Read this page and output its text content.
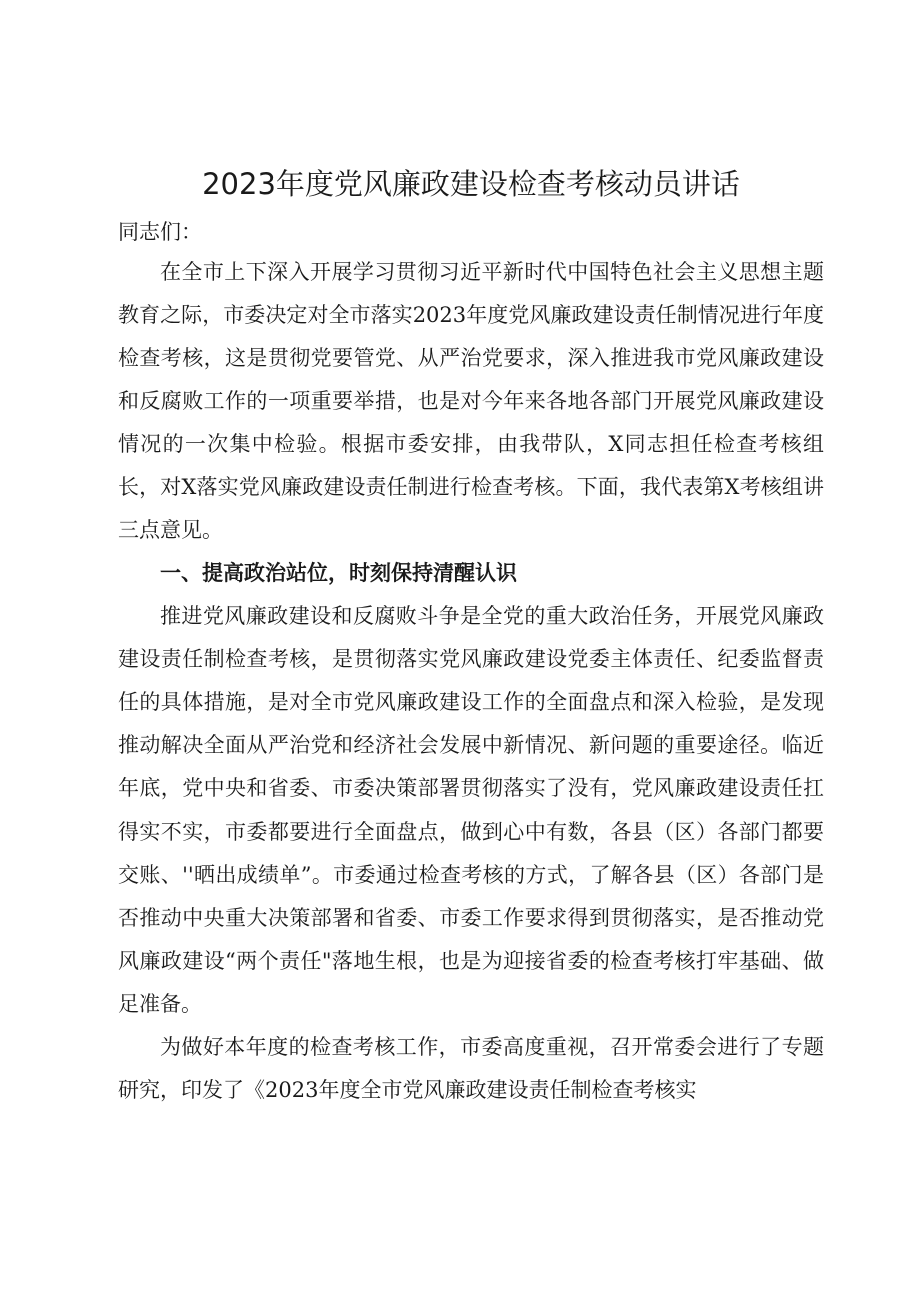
2023年度党风廉政建设检查考核动员讲话

同志们：

在全市上下深入开展学习贯彻习近平新时代中国特色社会主义思想主题教育之际，市委决定对全市落实2023年度党风廉政建设责任制情况进行年度检查考核，这是贯彻党要管党、从严治党要求，深入推进我市党风廉政建设和反腐败工作的一项重要举措，也是对今年来各地各部门开展党风廉政建设情况的一次集中检验。根据市委安排，由我带队，X同志担任检查考核组长，对X落实党风廉政建设责任制进行检查考核。下面，我代表第X考核组讲三点意见。

一、提高政治站位，时刻保持清醒认识

推进党风廉政建设和反腐败斗争是全党的重大政治任务，开展党风廉政建设责任制检查考核，是贯彻落实党风廉政建设党委主体责任、纪委监督责任的具体措施，是对全市党风廉政建设工作的全面盘点和深入检验，是发现推动解决全面从严治党和经济社会发展中新情况、新问题的重要途径。临近年底，党中央和省委、市委决策部署贯彻落实了没有，党风廉政建设责任扛得实不实，市委都要进行全面盘点，做到心中有数，各县（区）各部门都要交账、''晒出成绩单”。市委通过检查考核的方式，了解各县（区）各部门是否推动中央重大决策部署和省委、市委工作要求得到贯彻落实，是否推动党风廉政建设“两个责任"落地生根，也是为迎接省委的检查考核打牢基础、做足准备。

为做好本年度的检查考核工作，市委高度重视，召开常委会进行了专题研究，印发了《2023年度全市党风廉政建设责任制检查考核实
